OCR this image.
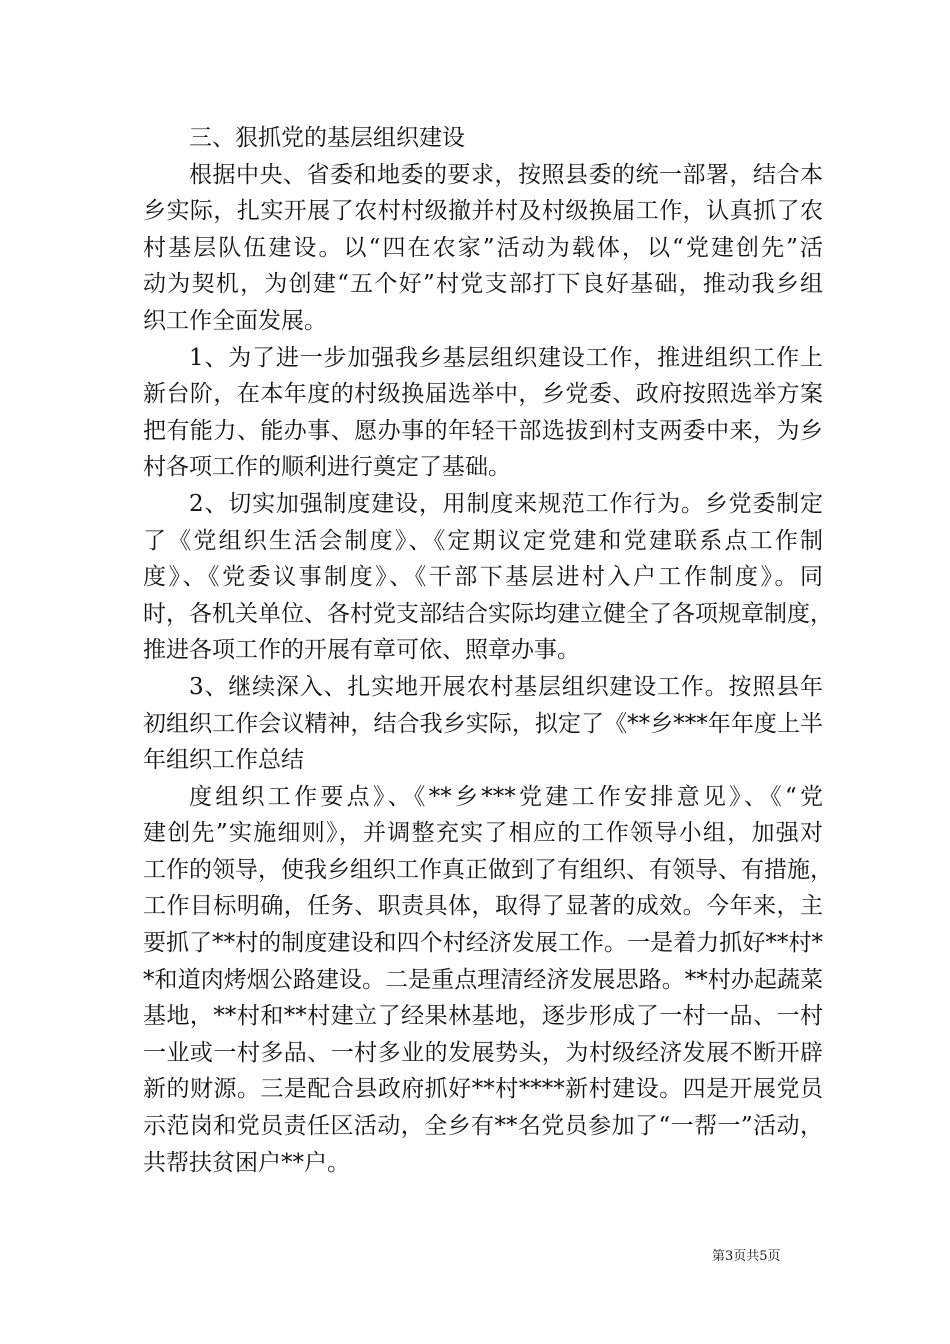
三、狠抓党的基层组织建设
根据中央、省委和地委的要求，按照县委的统一部署，结合本
乡实际，扎实开展了农村村级撤并村及村级换届工作，认真抓了农
村基层队伍建设。以“四在农家”活动为载体，以“党建创先”活
动为契机，为创建“五个好”村党支部打下良好基础，推动我乡组
织工作全面发展。
1、为了进一步加强我乡基层组织建设工作，推进组织工作上
新台阶，在本年度的村级换届选举中，乡党委、政府按照选举方案
把有能力、能办事、愿办事的年轻干部选拔到村支两委中来，为乡
村各项工作的顺利进行奠定了基础。
2、切实加强制度建设，用制度来规范工作行为。乡党委制定
了《党组织生活会制度》、《定期议定党建和党建联系点工作制
度》、《党委议事制度》、《干部下基层进村入户工作制度》。同
时，各机关单位、各村党支部结合实际均建立健全了各项规章制度，
推进各项工作的开展有章可依、照章办事。
3、继续深入、扎实地开展农村基层组织建设工作。按照县年
初组织工作会议精神，结合我乡实际，拟定了《**乡***年年度上半
年组织工作总结
度组织工作要点》、《**乡***党建工作安排意见》、《“党
建创先”实施细则》，并调整充实了相应的工作领导小组，加强对
工作的领导，使我乡组织工作真正做到了有组织、有领导、有措施，
工作目标明确，任务、职责具体，取得了显著的成效。今年来，主
要抓了**村的制度建设和四个村经济发展工作。一是着力抓好**村*
*和道肉烤烟公路建设。二是重点理清经济发展思路。**村办起蔬菜
基地，**村和**村建立了经果林基地，逐步形成了一村一品、一村
一业或一村多品、一村多业的发展势头，为村级经济发展不断开辟
新的财源。三是配合县政府抓好**村****新村建设。四是开展党员
示范岗和党员责任区活动，全乡有**名党员参加了“一帮一”活动，
共帮扶贫困户**户。
第3页共5页
